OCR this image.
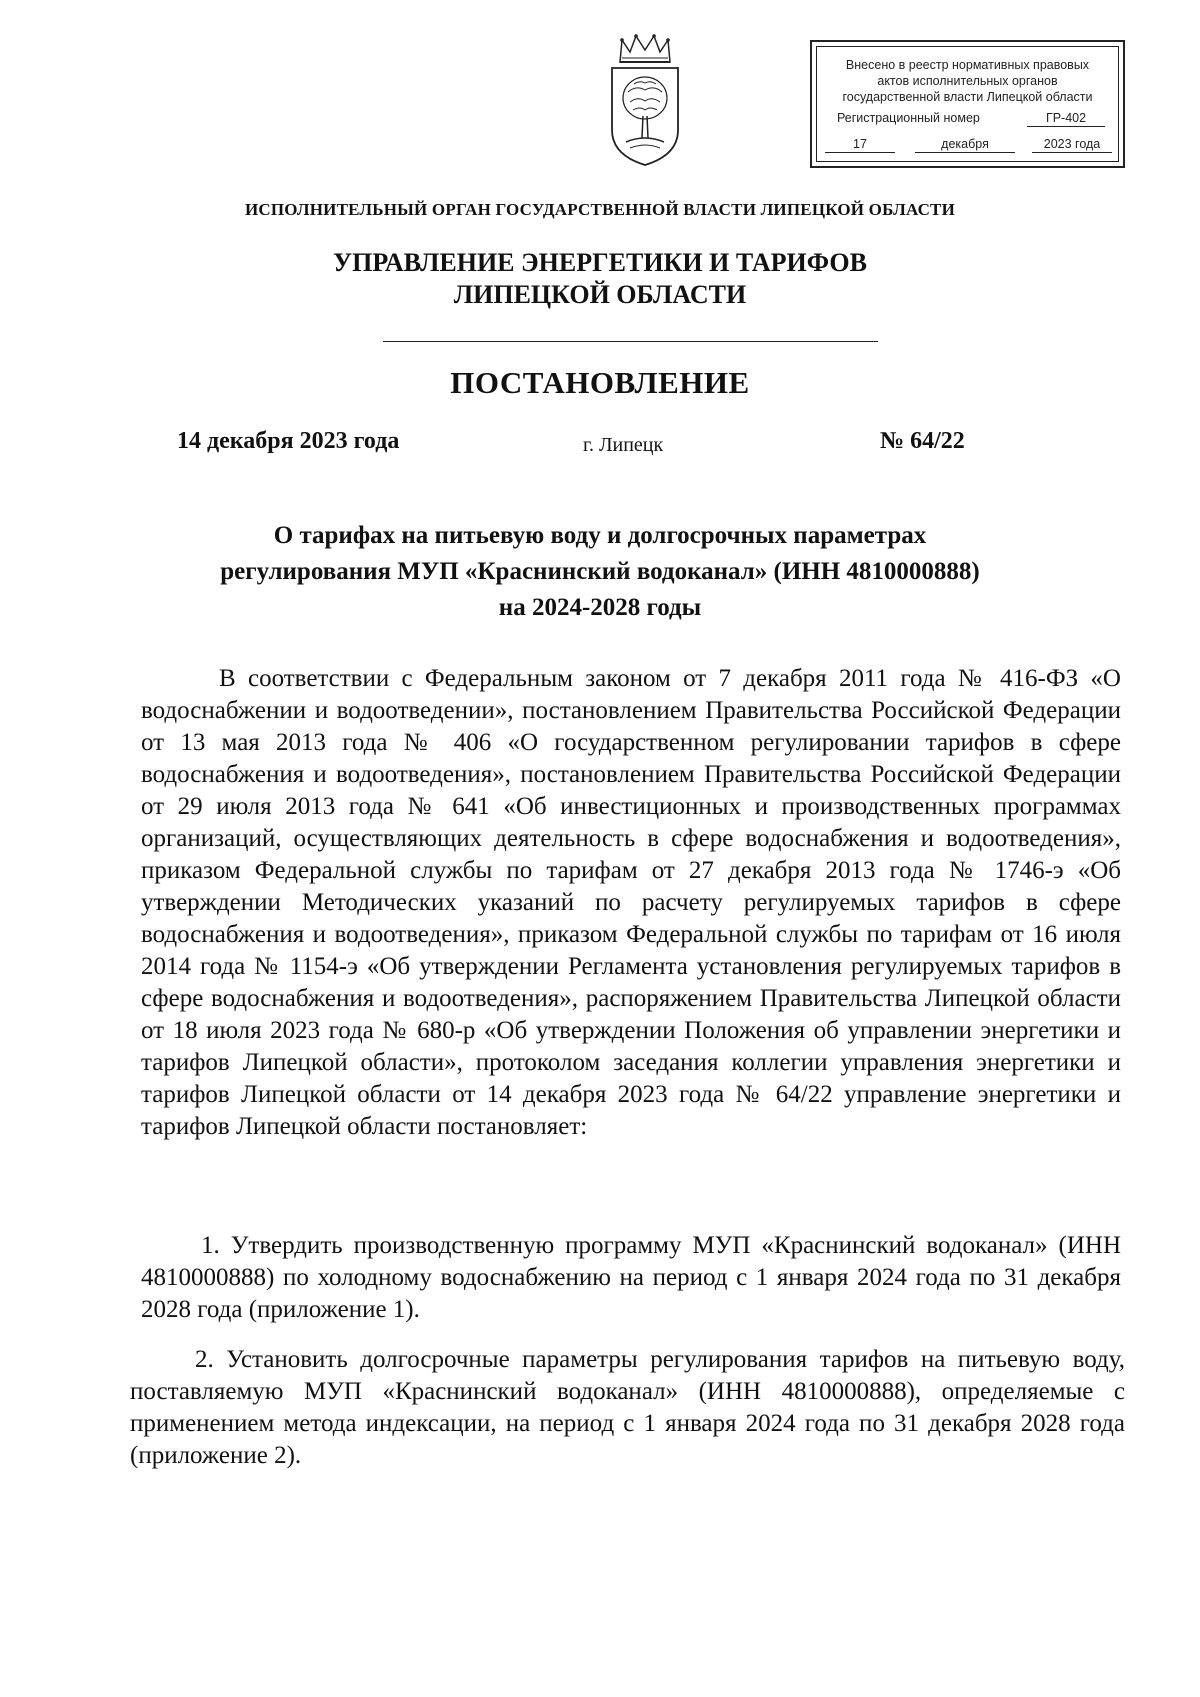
Внесено в реестр нормативных правовых
актов исполнительных органов
государственной власти Липецкой области
Регистрационный номер	ГР-402
17	декабря	2023 года
ИСПОЛНИТЕЛЬНЫЙ ОРГАН ГОСУДАРСТВЕННОЙ ВЛАСТИ ЛИПЕЦКОЙ ОБЛАСТИ
УПРАВЛЕНИЕ ЭНЕРГЕТИКИ И ТАРИФОВ
ЛИПЕЦКОЙ ОБЛАСТИ
ПОСТАНОВЛЕНИЕ
14 декабря 2023 года	г. Липецк	№ 64/22
О тарифах на питьевую воду и долгосрочных параметрах
регулирования МУП «Краснинский водоканал» (ИНН 4810000888)
на 2024-2028 годы
В соответствии с Федеральным законом от 7 декабря 2011 года № 416-ФЗ «О водоснабжении и водоотведении», постановлением Правительства Российской Федерации от 13 мая 2013 года № 406 «О государственном регулировании тарифов в сфере водоснабжения и водоотведения», постановлением Правительства Российской Федерации от 29 июля 2013 года № 641 «Об инвестиционных и производственных программах организаций, осуществляющих деятельность в сфере водоснабжения и водоотведения», приказом Федеральной службы по тарифам от 27 декабря 2013 года № 1746-э «Об утверждении Методических указаний по расчету регулируемых тарифов в сфере водоснабжения и водоотведения», приказом Федеральной службы по тарифам от 16 июля 2014 года № 1154-э «Об утверждении Регламента установления регулируемых тарифов в сфере водоснабжения и водоотведения», распоряжением Правительства Липецкой области от 18 июля 2023 года № 680-р «Об утверждении Положения об управлении энергетики и тарифов Липецкой области», протоколом заседания коллегии управления энергетики и тарифов Липецкой области от 14 декабря 2023 года № 64/22 управление энергетики и тарифов Липецкой области постановляет:
1. Утвердить производственную программу МУП «Краснинский водоканал» (ИНН 4810000888) по холодному водоснабжению на период с 1 января 2024 года по 31 декабря 2028 года (приложение 1).
2. Установить долгосрочные параметры регулирования тарифов на питьевую воду, поставляемую МУП «Краснинский водоканал» (ИНН 4810000888), определяемые с применением метода индексации, на период с 1 января 2024 года по 31 декабря 2028 года (приложение 2).
